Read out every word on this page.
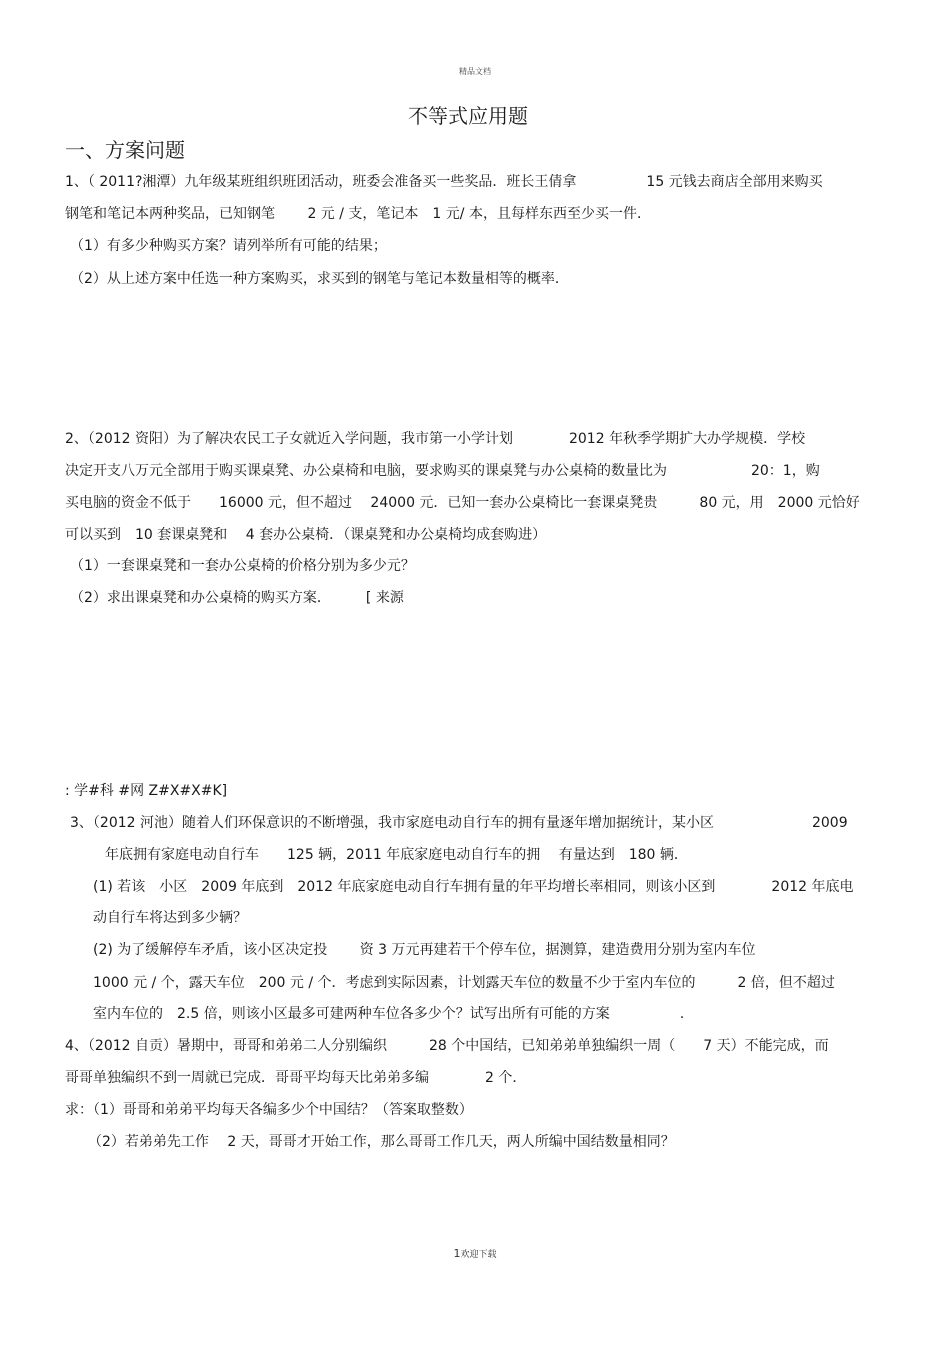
精品文档
不等式应用题
一、方案问题
1、（ 2011?湘潭）九年级某班组织班团活动，班委会准备买一些奖品．班长王倩拿　　　　　15 元钱去商店全部用来购买
钢笔和笔记本两种奖品，已知钢笔　　 2 元 / 支，笔记本　1 元/ 本，且每样东西至少买一件．
（1）有多少种购买方案？请列举所有可能的结果；
（2）从上述方案中任选一种方案购买，求买到的钢笔与笔记本数量相等的概率．
2、（2012 资阳）为了解决农民工子女就近入学问题，我市第一小学计划　　　　2012 年秋季学期扩大办学规模．学校
决定开支八万元全部用于购买课桌凳、办公桌椅和电脑，要求购买的课桌凳与办公桌椅的数量比为　　　　　　20：1，购
买电脑的资金不低于　　16000 元，但不超过　 24000 元．已知一套办公桌椅比一套课桌凳贵　　　80 元，用　2000 元恰好
可以买到　10 套课桌凳和　 4 套办公桌椅．（课桌凳和办公桌椅均成套购进）
（1）一套课桌凳和一套办公桌椅的价格分别为多少元？
（2）求出课桌凳和办公桌椅的购买方案．　　　[ 来源
: 学#科 #网 Z#X#X#K]
3、（2012 河池）随着人们环保意识的不断增强，我市家庭电动自行车的拥有量逐年增加据统计，某小区　　　　　　　2009
年底拥有家庭电动自行车　　125 辆，2011 年底家庭电动自行车的拥　 有量达到　180 辆．
(1) 若该　小区　2009 年底到　2012 年底家庭电动自行车拥有量的年平均增长率相同，则该小区到　　　　2012 年底电
动自行车将达到多少辆？
(2) 为了缓解停车矛盾，该小区决定投　　 资 3 万元再建若干个停车位，据测算，建造费用分别为室内车位
1000 元 / 个，露天车位　200 元 / 个．考虑到实际因素，计划露天车位的数量不少于室内车位的　　　2 倍，但不超过
室内车位的　2.5 倍，则该小区最多可建两种车位各多少个？试写出所有可能的方案　　　　　.
4、（2012 自贡）暑期中，哥哥和弟弟二人分别编织　　　28 个中国结，已知弟弟单独编织一周（　　7 天）不能完成，而
哥哥单独编织不到一周就已完成．哥哥平均每天比弟弟多编　　　　2 个．
求：（1）哥哥和弟弟平均每天各编多少个中国结？（答案取整数）
（2）若弟弟先工作　 2 天，哥哥才开始工作，那么哥哥工作几天，两人所编中国结数量相同？
1欢迎下载
